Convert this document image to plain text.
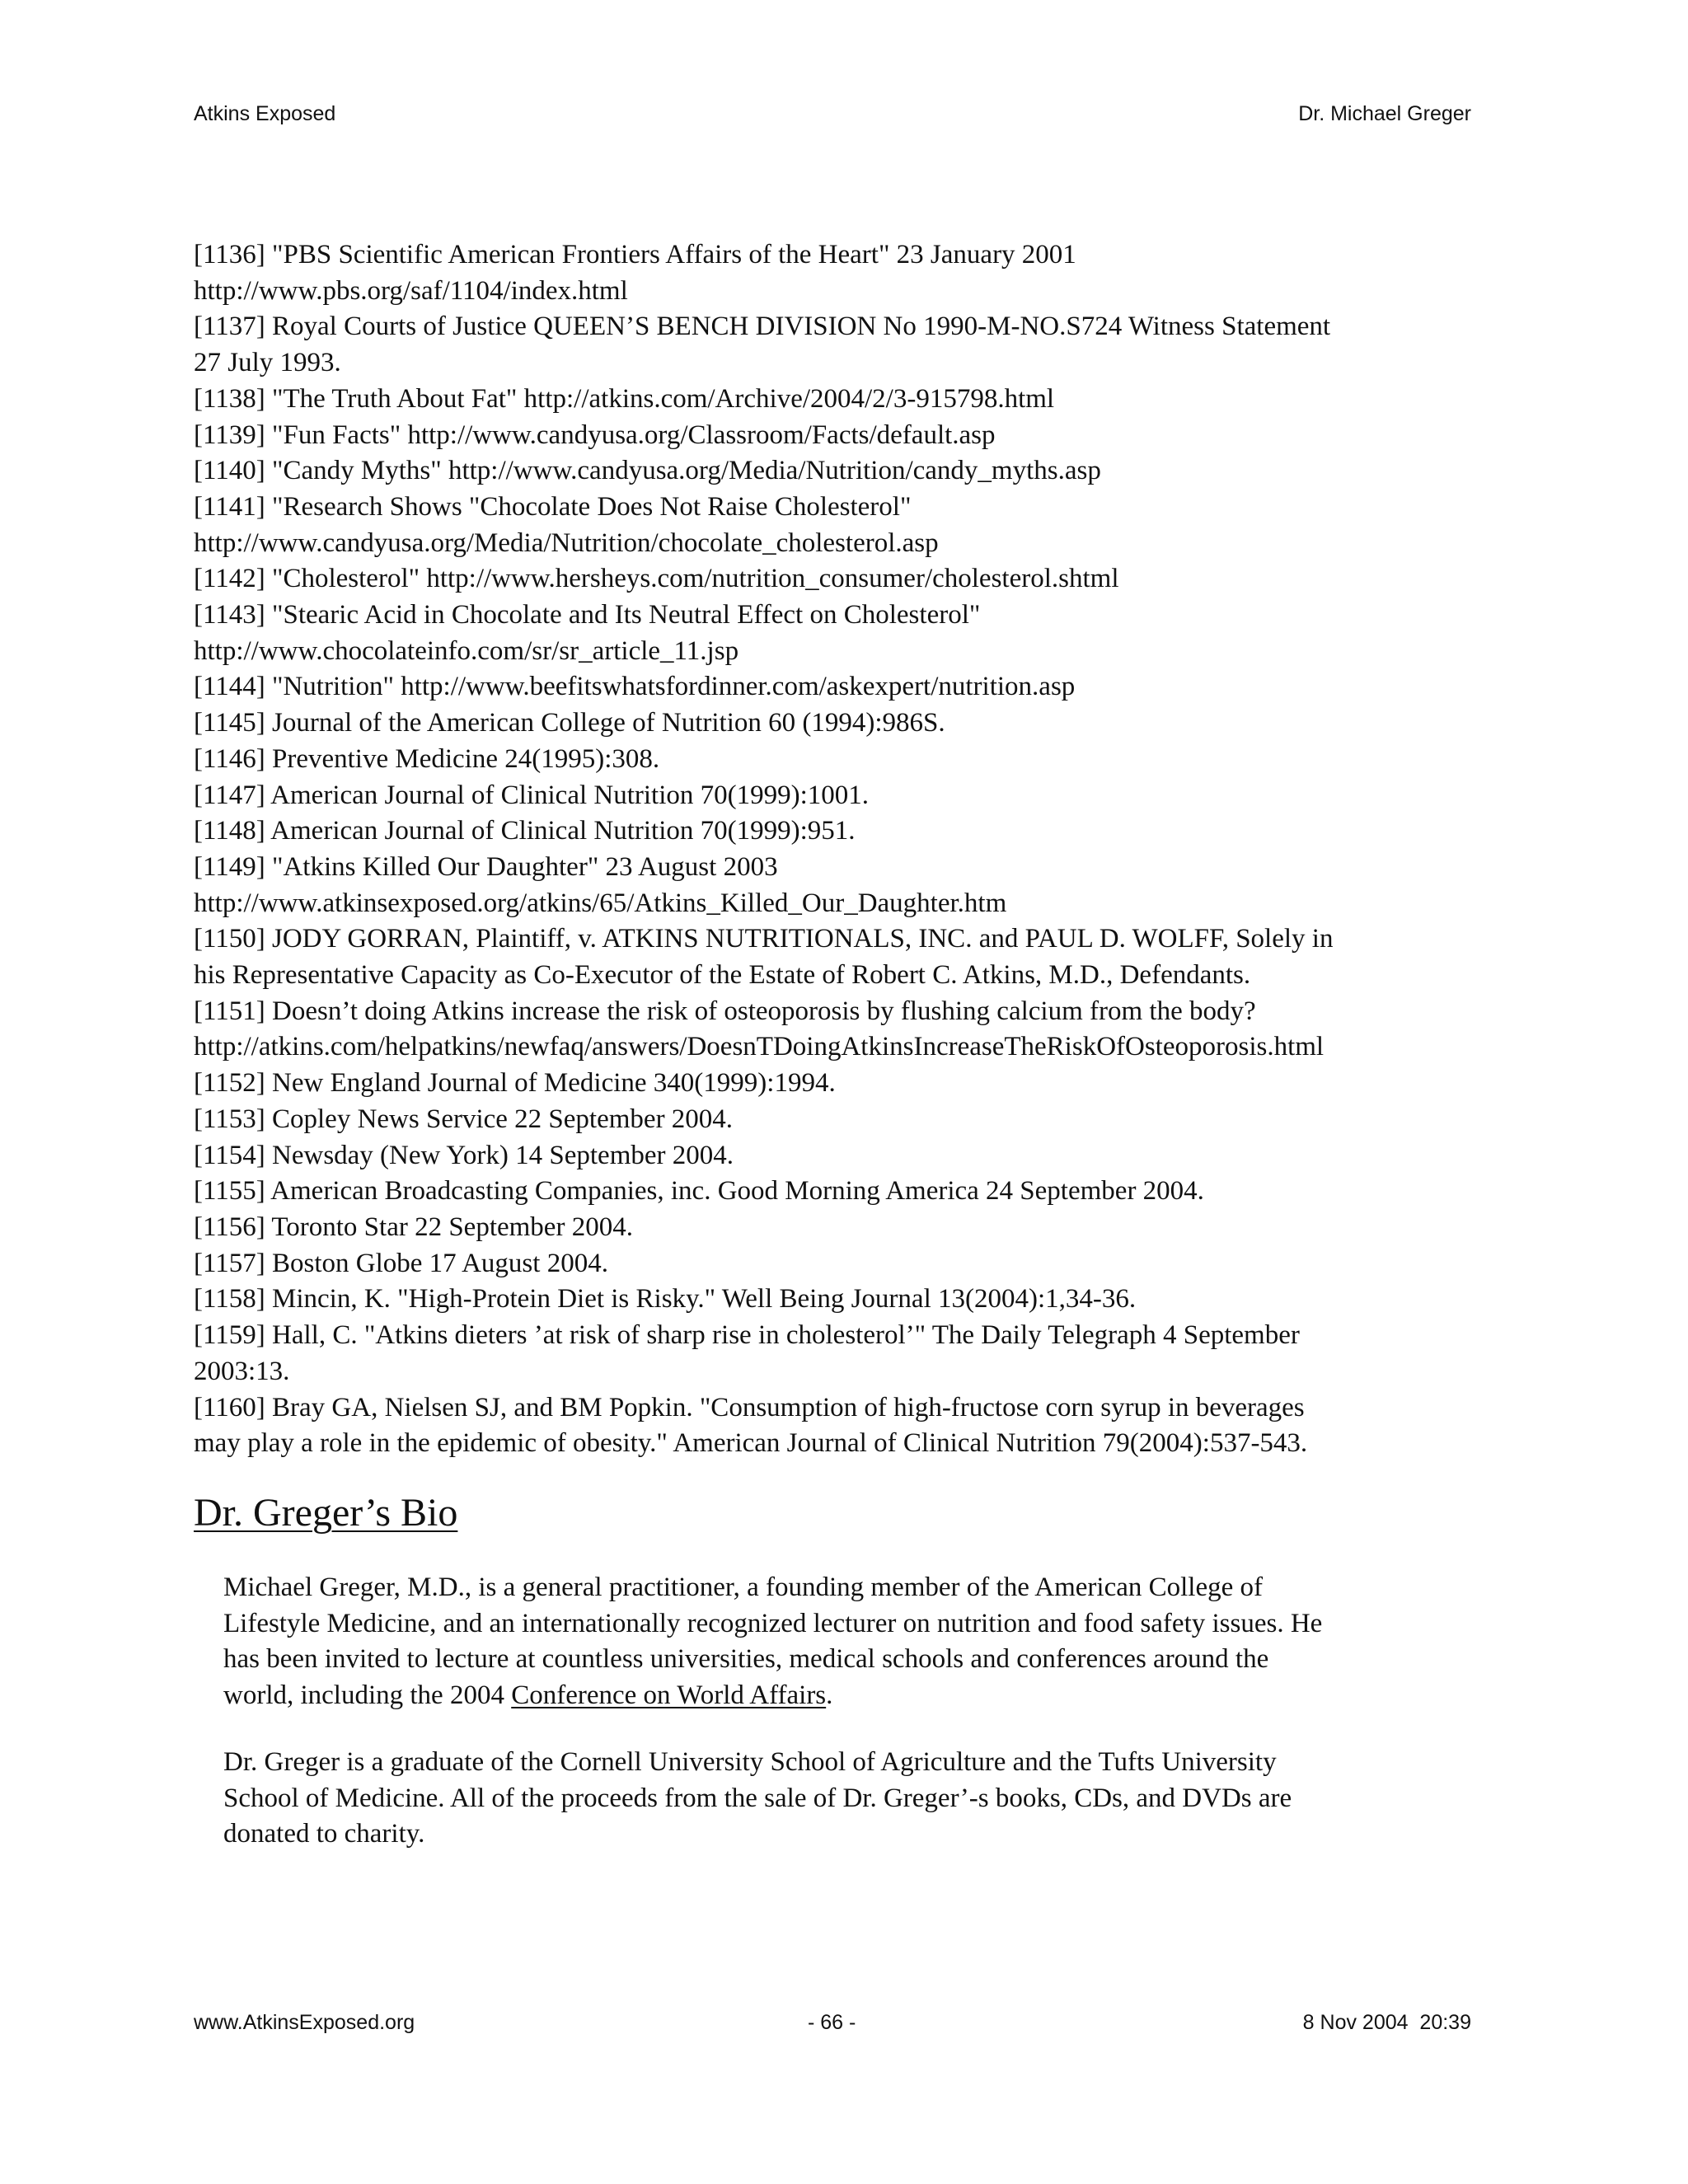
Atkins Exposed	Dr. Michael Greger
[1136] "PBS Scientific American Frontiers Affairs of the Heart" 23 January 2001
http://www.pbs.org/saf/1104/index.html
[1137] Royal Courts of Justice QUEEN’S BENCH DIVISION No 1990-M-NO.S724 Witness Statement
27 July 1993.
[1138] "The Truth About Fat" http://atkins.com/Archive/2004/2/3-915798.html
[1139] "Fun Facts" http://www.candyusa.org/Classroom/Facts/default.asp
[1140] "Candy Myths" http://www.candyusa.org/Media/Nutrition/candy_myths.asp
[1141] "Research Shows "Chocolate Does Not Raise Cholesterol"
http://www.candyusa.org/Media/Nutrition/chocolate_cholesterol.asp
[1142] "Cholesterol" http://www.hersheys.com/nutrition_consumer/cholesterol.shtml
[1143] "Stearic Acid in Chocolate and Its Neutral Effect on Cholesterol"
http://www.chocolateinfo.com/sr/sr_article_11.jsp
[1144] "Nutrition" http://www.beefitswhatsfordinner.com/askexpert/nutrition.asp
[1145] Journal of the American College of Nutrition 60 (1994):986S.
[1146] Preventive Medicine 24(1995):308.
[1147] American Journal of Clinical Nutrition 70(1999):1001.
[1148] American Journal of Clinical Nutrition 70(1999):951.
[1149] "Atkins Killed Our Daughter" 23 August 2003
http://www.atkinsexposed.org/atkins/65/Atkins_Killed_Our_Daughter.htm
[1150] JODY GORRAN, Plaintiff, v. ATKINS NUTRITIONALS, INC. and PAUL D. WOLFF, Solely in
his Representative Capacity as Co-Executor of the Estate of Robert C. Atkins, M.D., Defendants.
[1151] Doesn’t doing Atkins increase the risk of osteoporosis by flushing calcium from the body?
http://atkins.com/helpatkins/newfaq/answers/DoesnTDoingAtkinsIncreaseTheRiskOfOsteoporosis.html
[1152] New England Journal of Medicine 340(1999):1994.
[1153] Copley News Service 22 September 2004.
[1154] Newsday (New York) 14 September 2004.
[1155] American Broadcasting Companies, inc. Good Morning America 24 September 2004.
[1156] Toronto Star 22 September 2004.
[1157] Boston Globe 17 August 2004.
[1158] Mincin, K. "High-Protein Diet is Risky." Well Being Journal 13(2004):1,34-36.
[1159] Hall, C. "Atkins dieters ’at risk of sharp rise in cholesterol’" The Daily Telegraph 4 September
2003:13.
[1160] Bray GA, Nielsen SJ, and BM Popkin. "Consumption of high-fructose corn syrup in beverages
may play a role in the epidemic of obesity." American Journal of Clinical Nutrition 79(2004):537-543.
Dr. Greger’s Bio
Michael Greger, M.D., is a general practitioner, a founding member of the American College of
Lifestyle Medicine, and an internationally recognized lecturer on nutrition and food safety issues. He
has been invited to lecture at countless universities, medical schools and conferences around the
world, including the 2004 Conference on World Affairs.
Dr. Greger is a graduate of the Cornell University School of Agriculture and the Tufts University
School of Medicine. All of the proceeds from the sale of Dr. Greger’-s books, CDs, and DVDs are
donated to charity.
www.AtkinsExposed.org	- 66 -	8 Nov 2004  20:39
